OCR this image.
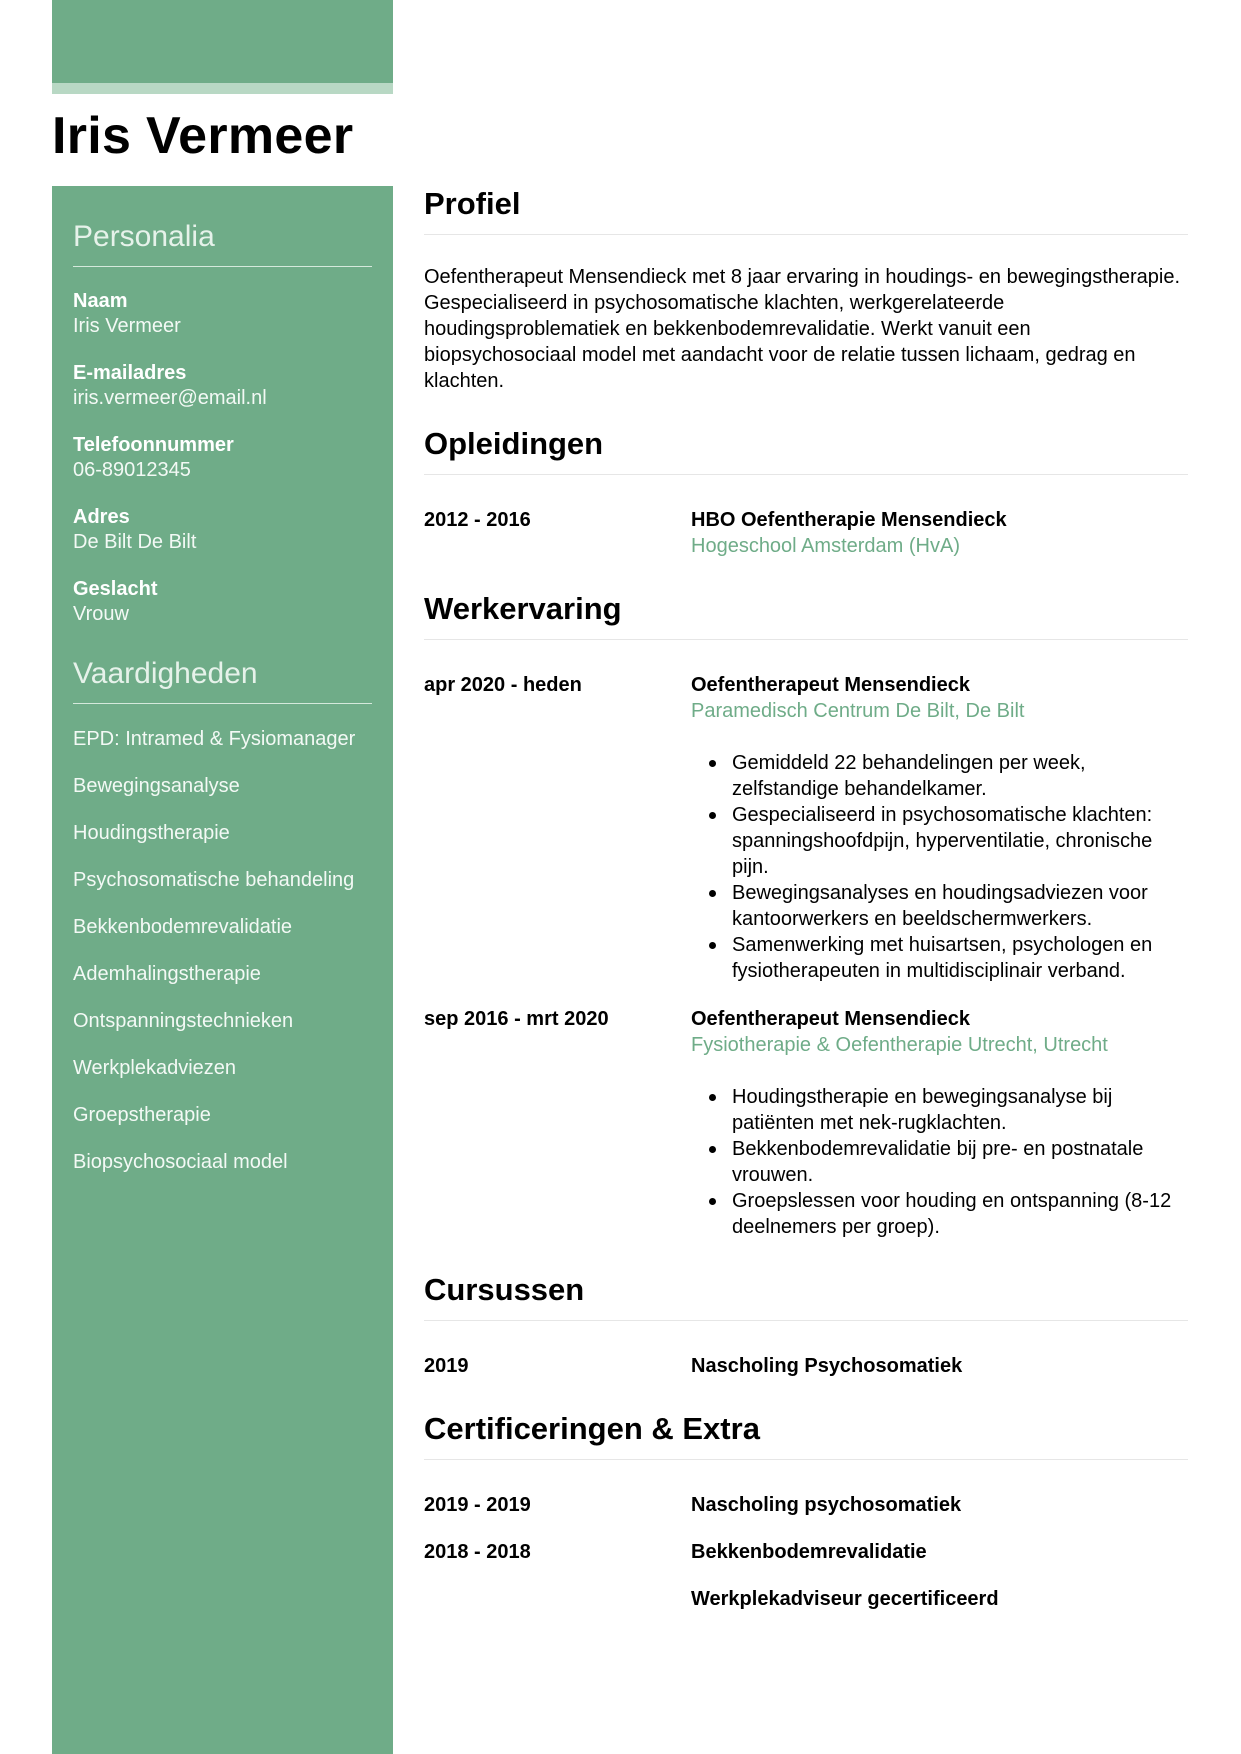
Iris Vermeer
Personalia
Naam
Iris Vermeer
E-mailadres
iris.vermeer@email.nl
Telefoonnummer
06-89012345
Adres
De Bilt De Bilt
Geslacht
Vrouw
Vaardigheden
EPD: Intramed & Fysiomanager
Bewegingsanalyse
Houdingstherapie
Psychosomatische behandeling
Bekkenbodemrevalidatie
Ademhalingstherapie
Ontspanningstechnieken
Werkplekadviezen
Groepstherapie
Biopsychosociaal model
Profiel

Oefentherapeut Mensendieck met 8 jaar ervaring in houdings- en bewegingstherapie. Gespecialiseerd in psychosomatische klachten, werkgerelateerde houdingsproblematiek en bekkenbodemrevalidatie. Werkt vanuit een biopsychosociaal model met aandacht voor de relatie tussen lichaam, gedrag en klachten.

Opleidingen
2012 - 2016	HBO Oefentherapie Mensendieck
Hogeschool Amsterdam (HvA)
Werkervaring
apr 2020 - heden	Oefentherapeut Mensendieck
Paramedisch Centrum De Bilt, De Bilt
Gemiddeld 22 behandelingen per week, zelfstandige behandelkamer.
Gespecialiseerd in psychosomatische klachten: spanningshoofdpijn, hyperventilatie, chronische pijn.
Bewegingsanalyses en houdingsadviezen voor kantoorwerkers en beeldschermwerkers.
Samenwerking met huisartsen, psychologen en fysiotherapeuten in multidisciplinair verband.
sep 2016 - mrt 2020	Oefentherapeut Mensendieck
Fysiotherapie & Oefentherapie Utrecht, Utrecht
Houdingstherapie en bewegingsanalyse bij patiënten met nek-rugklachten.
Bekkenbodemrevalidatie bij pre- en postnatale vrouwen.
Groepslessen voor houding en ontspanning (8-12 deelnemers per groep).
Cursussen
2019	Nascholing Psychosomatiek
Certificeringen & Extra
2019 - 2019	Nascholing psychosomatiek
2018 - 2018	Bekkenbodemrevalidatie
Werkplekadviseur gecertificeerd
